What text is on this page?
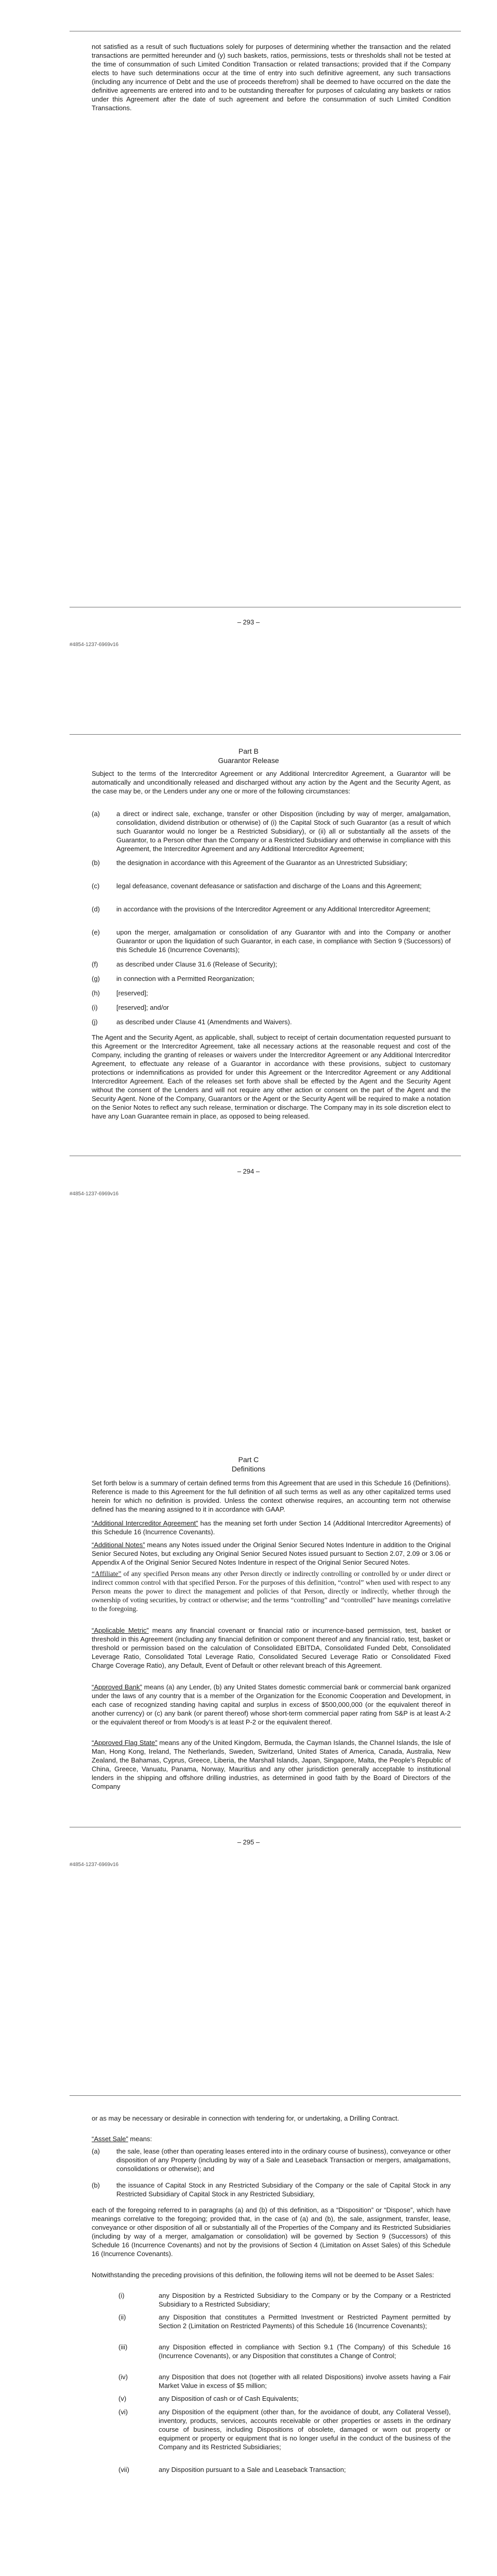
not satisfied as a result of such fluctuations solely for purposes of determining whether the transaction and the related transactions are permitted hereunder and (y) such baskets, ratios, permissions, tests or thresholds shall not be tested at the time of consummation of such Limited Condition Transaction or related transactions; provided that if the Company elects to have such determinations occur at the time of entry into such definitive agreement, any such transactions (including any incurrence of Debt and the use of proceeds therefrom) shall be deemed to have occurred on the date the definitive agreements are entered into and to be outstanding thereafter for purposes of calculating any baskets or ratios under this Agreement after the date of such agreement and before the consummation of such Limited Condition Transactions.

– 293 –
#4854-1237-6969v16
Part B
Guarantor Release

Subject to the terms of the Intercreditor Agreement or any Additional Intercreditor Agreement, a Guarantor will be automatically and unconditionally released and discharged without any action by the Agent and the Security Agent, as the case may be, or the Lenders under any one or more of the following circumstances:

(a) a direct or indirect sale, exchange, transfer or other Disposition (including by way of merger, amalgamation, consolidation, dividend distribution or otherwise) of (i) the Capital Stock of such Guarantor (as a result of which such Guarantor would no longer be a Restricted Subsidiary), or (ii) all or substantially all the assets of the Guarantor, to a Person other than the Company or a Restricted Subsidiary and otherwise in compliance with this Agreement, the Intercreditor Agreement and any Additional Intercreditor Agreement;

(b) the designation in accordance with this Agreement of the Guarantor as an Unrestricted Subsidiary;

(c)	legal defeasance, covenant defeasance or satisfaction and discharge of the Loans and this Agreement;

(d) in accordance with the provisions of the Intercreditor Agreement or any Additional Intercreditor Agreement;

(e) upon the merger, amalgamation or consolidation of any Guarantor with and into the Company or another Guarantor or upon the liquidation of such Guarantor, in each case, in compliance with Section 9 (Successors) of this Schedule 16 (Incurrence Covenants);

(f)	as described under Clause 31.6 (Release of Security);

(g) in connection with a Permitted Reorganization;

(h) [reserved];

(i)	[reserved]; and/or

(j)	as described under Clause 41 (Amendments and Waivers).

The Agent and the Security Agent, as applicable, shall, subject to receipt of certain documentation requested pursuant to this Agreement or the Intercreditor Agreement, take all necessary actions at the reasonable request and cost of the Company, including the granting of releases or waivers under the Intercreditor Agreement or any Additional Intercreditor Agreement, to effectuate any release of a Guarantor in accordance with these provisions, subject to customary protections or indemnifications as provided for under this Agreement or the Intercreditor Agreement or any Additional Intercreditor Agreement. Each of the releases set forth above shall be effected by the Agent and the Security Agent without the consent of the Lenders and will not require any other action or consent on the part of the Agent and the Security Agent. None of the Company, Guarantors or the Agent or the Security Agent will be required to make a notation on the Senior Notes to reflect any such release, termination or discharge. The Company may in its sole discretion elect to have any Loan Guarantee remain in place, as opposed to being released.

– 294 –
#4854-1237-6969v16
Part C
Definitions

Set forth below is a summary of certain defined terms from this Agreement that are used in this Schedule 16 (Definitions). Reference is made to this Agreement for the full definition of all such terms as well as any other capitalized terms used herein for which no definition is provided. Unless the context otherwise requires, an accounting term not otherwise defined has the meaning assigned to it in accordance with GAAP.

“Additional Intercreditor Agreement” has the meaning set forth under Section 14 (Additional Intercreditor Agreements) of this Schedule 16 (Incurrence Covenants).

“Additional Notes” means any Notes issued under the Original Senior Secured Notes Indenture in addition to the Original Senior Secured Notes, but excluding any Original Senior Secured Notes issued pursuant to Section 2.07, 2.09 or 3.06 or Appendix A of the Original Senior Secured Notes Indenture in respect of the Original Senior Secured Notes.

“Affiliate” of any specified Person means any other Person directly or indirectly controlling or controlled by or under direct or indirect common control with that specified Person. For the purposes of this definition, “control” when used with respect to any Person means the power to direct the management and policies of that Person, directly or indirectly, whether through the ownership of voting securities, by contract or otherwise; and the terms “controlling” and “controlled” have meanings correlative to the foregoing.

“Applicable Metric” means any financial covenant or financial ratio or incurrence-based permission, test, basket or threshold in this Agreement (including any financial definition or component thereof and any financial ratio, test, basket or threshold or permission based on the calculation of Consolidated EBITDA, Consolidated Funded Debt, Consolidated Leverage Ratio, Consolidated Total Leverage Ratio, Consolidated Secured Leverage Ratio or Consolidated Fixed Charge Coverage Ratio), any Default, Event of Default or other relevant breach of this Agreement.

“Approved Bank” means (a) any Lender, (b) any United States domestic commercial bank or commercial bank organized under the laws of any country that is a member of the Organization for the Economic Cooperation and Development, in each case of recognized standing having capital and surplus in excess of $500,000,000 (or the equivalent thereof in another currency) or (c) any bank (or parent thereof) whose short-term commercial paper rating from S&P is at least A-2 or the equivalent thereof or from Moody’s is at least P-2 or the equivalent thereof.

“Approved Flag State” means any of the United Kingdom, Bermuda, the Cayman Islands, the Channel Islands, the Isle of Man, Hong Kong, Ireland, The Netherlands, Sweden, Switzerland, United States of America, Canada, Australia, New Zealand, the Bahamas, Cyprus, Greece, Liberia, the Marshall Islands, Japan, Singapore, Malta, the People’s Republic of China, Greece, Vanuatu, Panama, Norway, Mauritius and any other jurisdiction generally acceptable to institutional lenders in the shipping and offshore drilling industries, as determined in good faith by the Board of Directors of the Company

– 295 –
#4854-1237-6969v16

or as may be necessary or desirable in connection with tendering for, or undertaking, a Drilling Contract.

“Asset Sale” means:

(a) the sale, lease (other than operating leases entered into in the ordinary course of business), conveyance or other disposition of any Property (including by way of a Sale and Leaseback Transaction or mergers, amalgamations, consolidations or otherwise); and

(b) the issuance of Capital Stock in any Restricted Subsidiary of the Company or the sale of Capital Stock in any Restricted Subsidiary of Capital Stock in any Restricted Subsidiary,

each of the foregoing referred to in paragraphs (a) and (b) of this definition, as a “Disposition” or “Dispose”, which have meanings correlative to the foregoing; provided that, in the case of (a) and (b), the sale, assignment, transfer, lease, conveyance or other disposition of all or substantially all of the Properties of the Company and its Restricted Subsidiaries (including by way of a merger, amalgamation or consolidation) will be governed by Section 9 (Successors) of this Schedule 16 (Incurrence Covenants) and not by the provisions of Section 4 (Limitation on Asset Sales) of this Schedule 16 (Incurrence Covenants).

Notwithstanding the preceding provisions of this definition, the following items will not be deemed to be Asset Sales:

(i)	any Disposition by a Restricted Subsidiary to the Company or by the Company or a Restricted Subsidiary to a Restricted Subsidiary;

(ii)	any Disposition that constitutes a Permitted Investment or Restricted Payment permitted by Section 2 (Limitation on Restricted Payments) of this Schedule 16 (Incurrence Covenants);

(iii)	any Disposition effected in compliance with Section 9.1 (The Company) of this Schedule 16 (Incurrence Covenants), or any Disposition that constitutes a Change of Control;

(iv)	any Disposition that does not (together with all related Dispositions) involve assets having a Fair Market Value in excess of $5 million;

(v)	any Disposition of cash or of Cash Equivalents;

(vi)	any Disposition of the equipment (other than, for the avoidance of doubt, any Collateral Vessel), inventory, products, services, accounts receivable or other properties or assets in the ordinary course of business, including Dispositions of obsolete, damaged or worn out property or equipment or property or equipment that is no longer useful in the conduct of the business of the Company and its Restricted Subsidiaries;

(vii)	any Disposition pursuant to a Sale and Leaseback Transaction;
